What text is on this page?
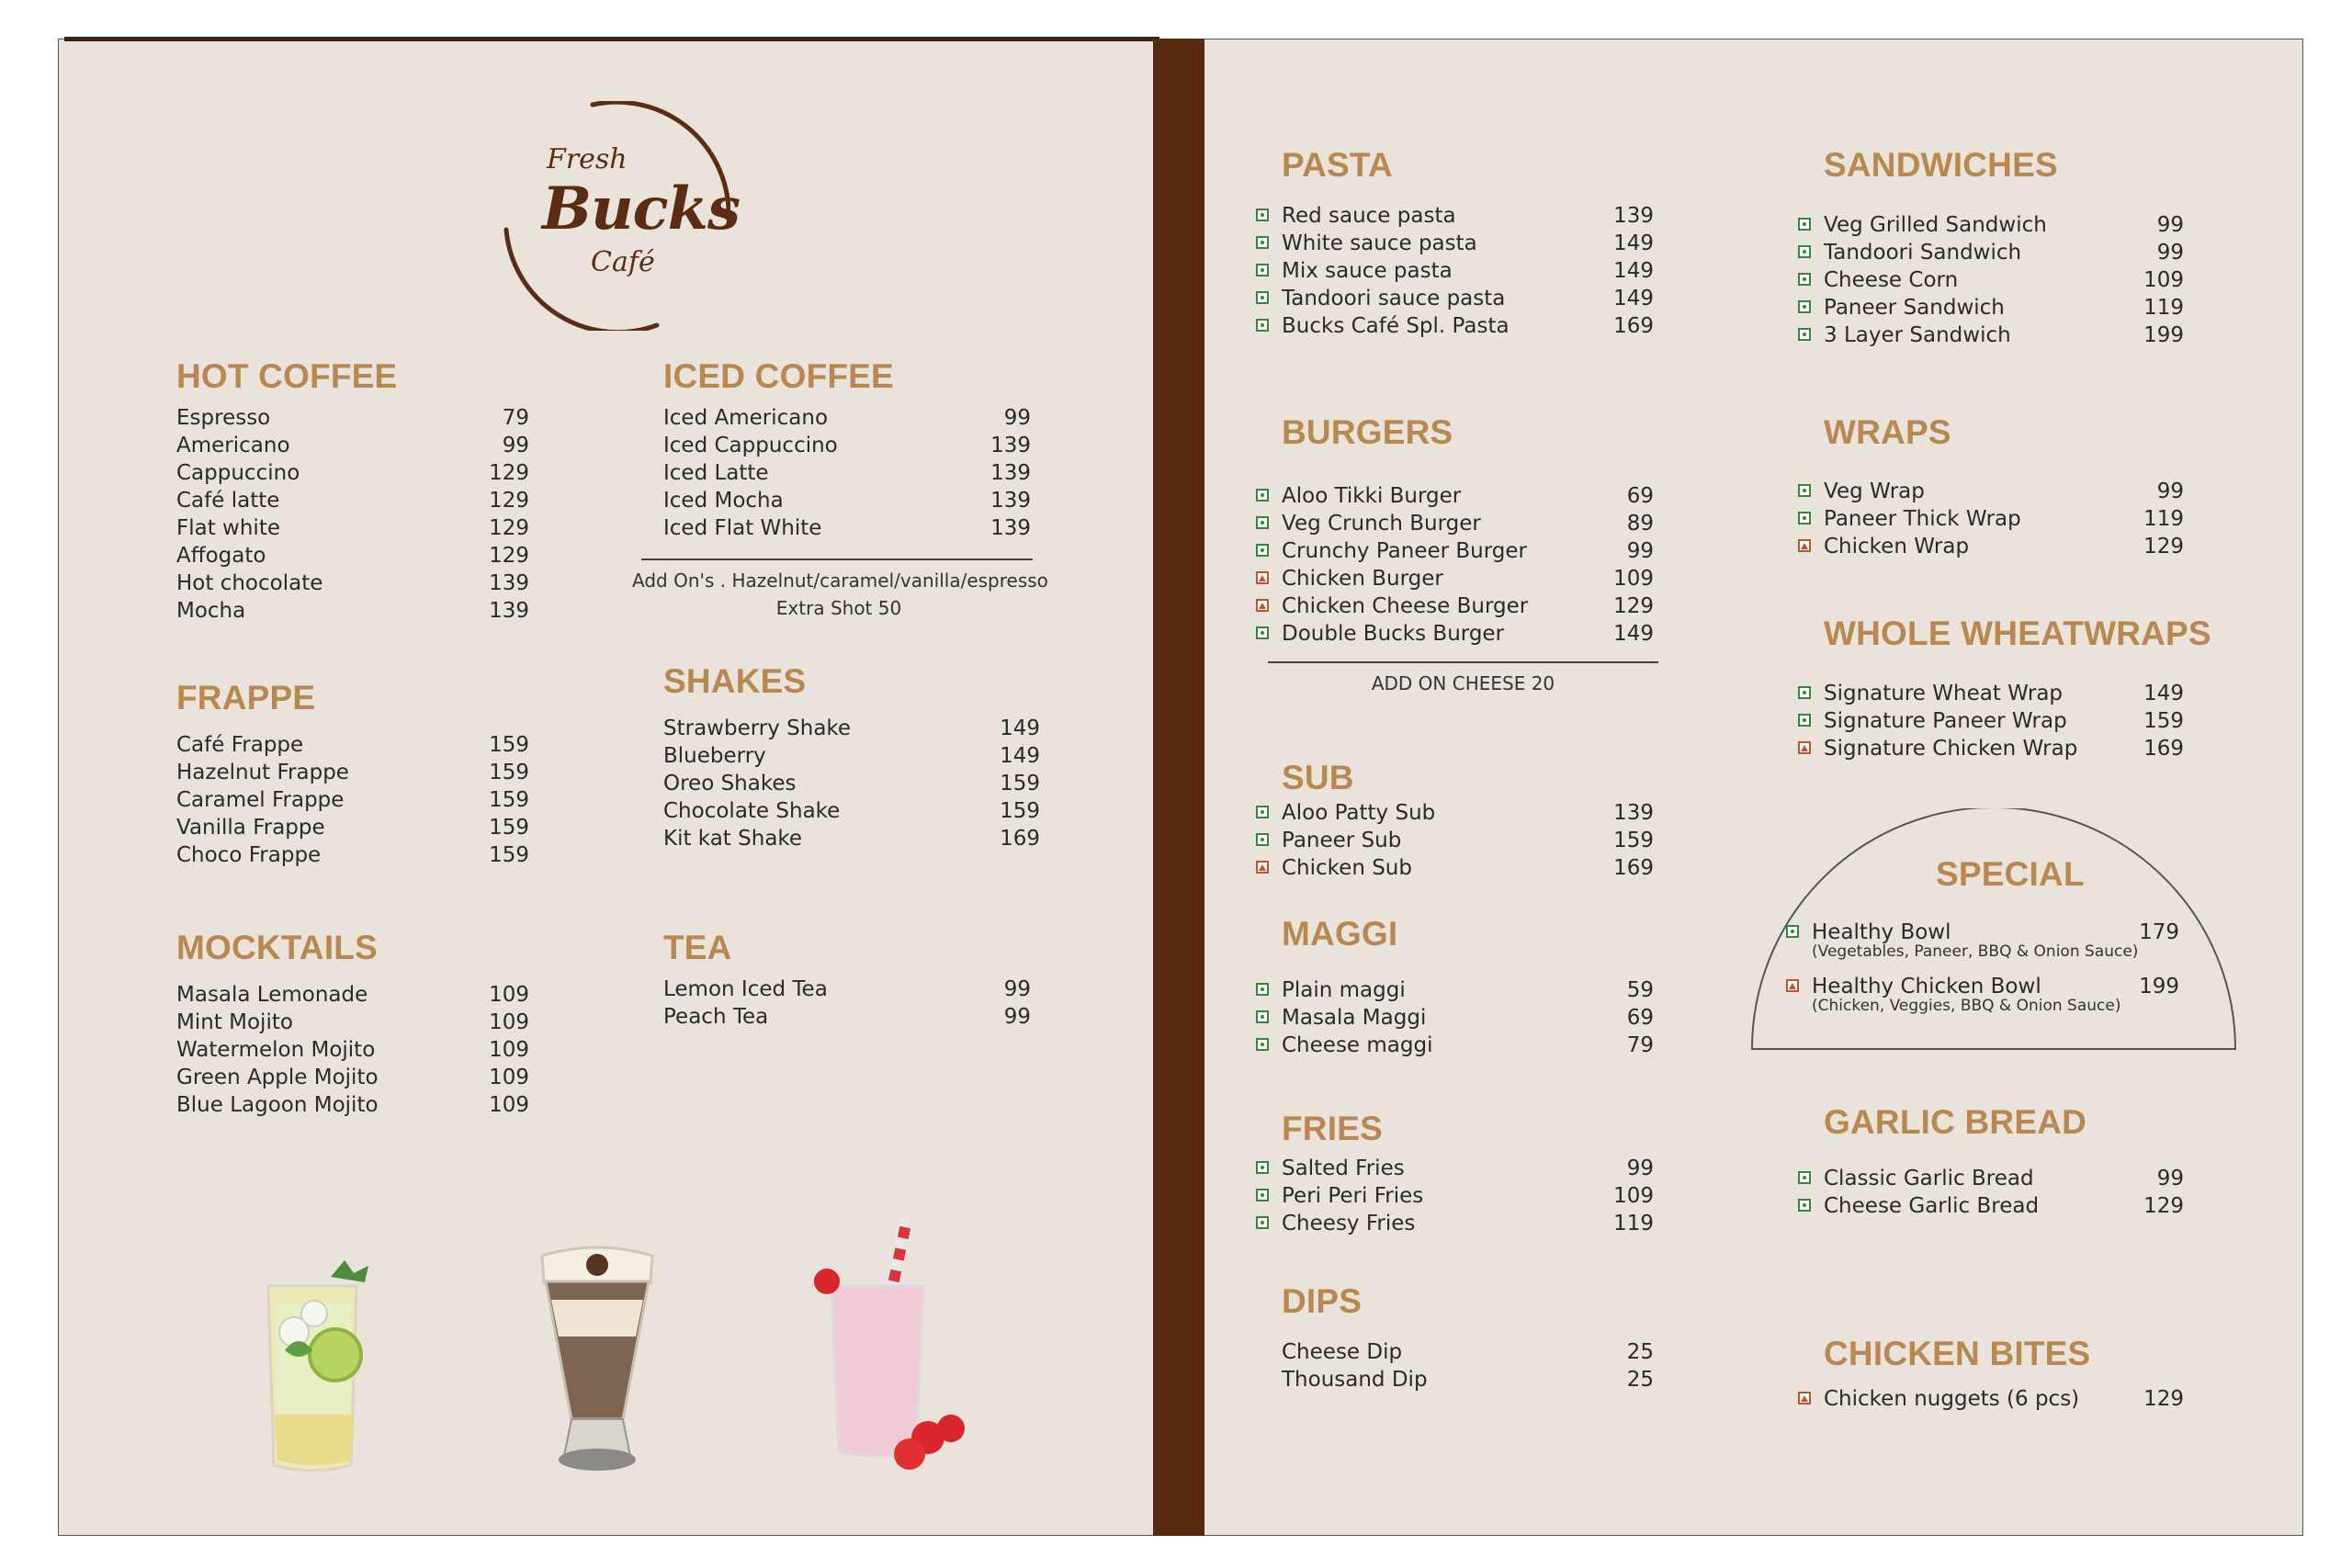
Fresh
Bucks
Café
HOT COFFEE
Espresso	79
Americano	99
Cappuccino	129
Café latte	129
Flat white	129
Affogato	129
Hot chocolate	139
Mocha	139
ICED COFFEE
Iced Americano	99
Iced Cappuccino	139
Iced Latte	139
Iced Mocha	139
Iced Flat White	139
Add On's . Hazelnut/caramel/vanilla/espresso
Extra Shot 50
FRAPPE
Café Frappe	159
Hazelnut Frappe	159
Caramel Frappe	159
Vanilla Frappe	159
Choco Frappe	159
SHAKES
Strawberry Shake	149
Blueberry	149
Oreo Shakes	159
Chocolate Shake	159
Kit kat Shake	169
MOCKTAILS
Masala Lemonade	109
Mint Mojito	109
Watermelon Mojito	109
Green Apple Mojito	109
Blue Lagoon Mojito	109
TEA
Lemon Iced Tea	99
Peach Tea	99
PASTA
Red sauce pasta	139
White sauce pasta	149
Mix sauce pasta	149
Tandoori sauce pasta	149
Bucks Café Spl. Pasta	169
BURGERS
Aloo Tikki Burger	69
Veg Crunch Burger	89
Crunchy Paneer Burger	99
Chicken Burger	109
Chicken Cheese Burger	129
Double Bucks Burger	149
ADD ON CHEESE 20
SUB
Aloo Patty Sub	139
Paneer Sub	159
Chicken Sub	169
MAGGI
Plain maggi	59
Masala Maggi	69
Cheese maggi	79
FRIES
Salted Fries	99
Peri Peri Fries	109
Cheesy Fries	119
DIPS
Cheese Dip	25
Thousand Dip	25
SANDWICHES
Veg Grilled Sandwich	99
Tandoori Sandwich	99
Cheese Corn	109
Paneer Sandwich	119
3 Layer Sandwich	199
WRAPS
Veg Wrap	99
Paneer Thick Wrap	119
Chicken Wrap	129
WHOLE WHEATWRAPS
Signature Wheat Wrap	149
Signature Paneer Wrap	159
Signature Chicken Wrap	169
SPECIAL
Healthy Bowl	179
(Vegetables, Paneer, BBQ & Onion Sauce)
Healthy Chicken Bowl	199
(Chicken, Veggies, BBQ & Onion Sauce)
GARLIC BREAD
Classic Garlic Bread	99
Cheese Garlic Bread	129
CHICKEN BITES
Chicken nuggets (6 pcs)	129
